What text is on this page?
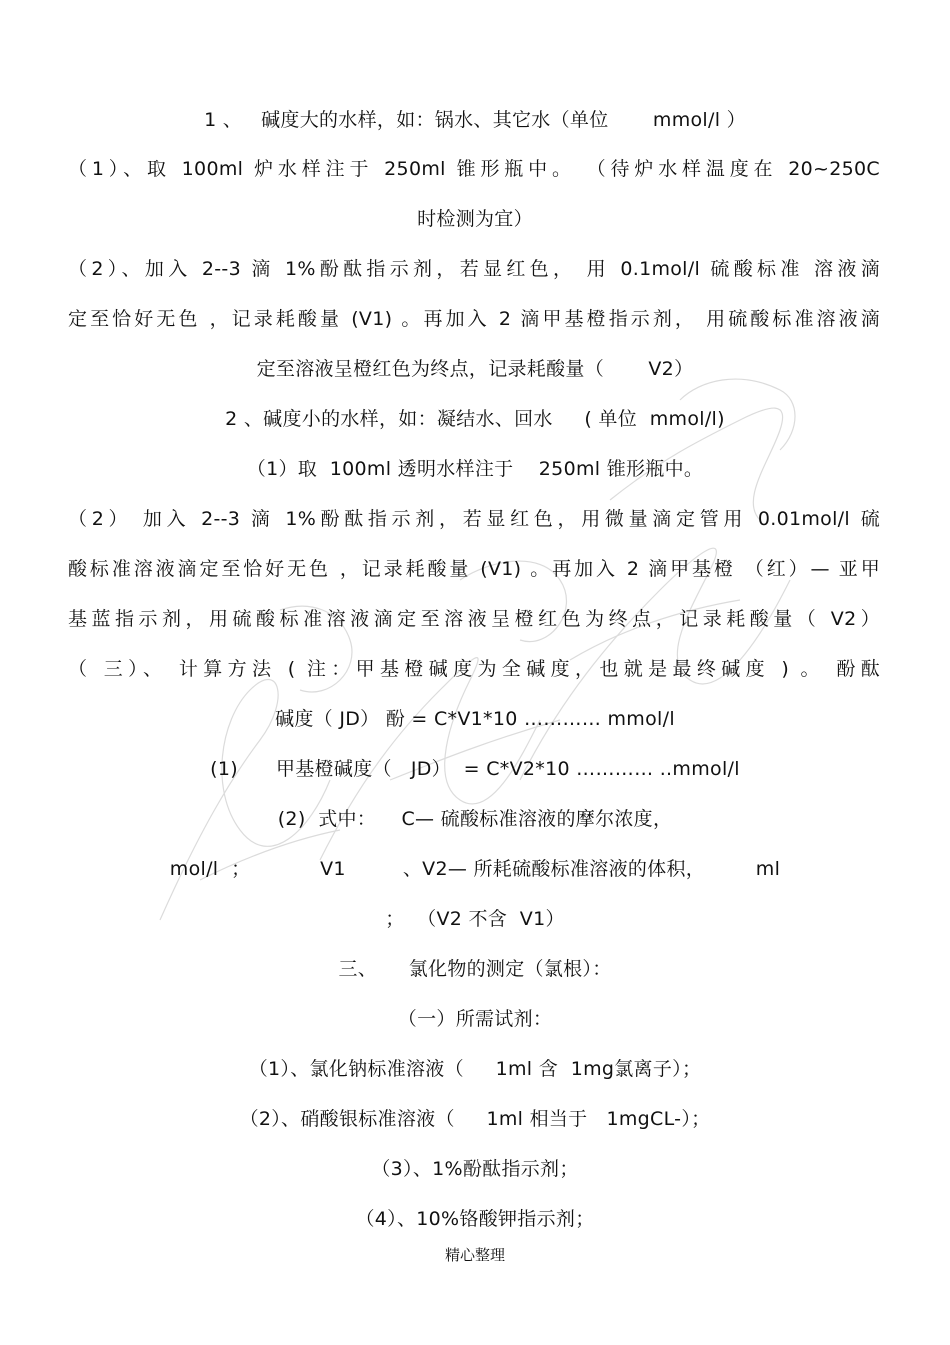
1 、   碱度大的水样，如：锅水、其它水（单位       mmol/l ）
（1）、取 100ml 炉水样注于 250ml 锥形瓶中。 （待炉水样温度在 20~250C
时检测为宜）
（2）、加入 2--3 滴 1%酚酞指示剂，若显红色， 用 0.1mol/l 硫酸标准 溶液滴
定至恰好无色 ，记录耗酸量 (V1) 。再加入 2 滴甲基橙指示剂， 用硫酸标准溶液滴
定至溶液呈橙红色为终点，记录耗酸量（       V2）
2 、碱度小的水样，如：凝结水、回水     ( 单位  mmol/l)
（1）取  100ml 透明水样注于    250ml 锥形瓶中。
（2） 加入 2--3 滴 1%酚酞指示剂，若显红色，用微量滴定管用 0.01mol/l 硫
酸标准溶液滴定至恰好无色 ，记录耗酸量 (V1) 。再加入 2 滴甲基橙 （红）— 亚甲
基蓝指示剂，用硫酸标准溶液滴定至溶液呈橙红色为终点，记录耗酸量（ V2）
（ 三）、 计算方法 ( 注：甲基橙碱度为全碱度，也就是最终碱度 ) 。 酚酞
碱度（ JD） 酚 = C*V1*10 ………… mmol/l
(1)      甲基橙碱度（   JD）  = C*V2*10 ………… ..mmol/l
(2)  式中：    C— 硫酸标准溶液的摩尔浓度，
mol/l  ；           V1         、V2— 所耗硫酸标准溶液的体积，        ml
；  （V2 不含  V1）
三、     氯化物的测定（氯根）：
（一）所需试剂：
（1）、氯化钠标准溶液（     1ml 含  1mg氯离子）；
（2）、硝酸银标准溶液（     1ml 相当于   1mgCL-）；
（3）、1%酚酞指示剂；
（4）、10%铬酸钾指示剂；
精心整理
